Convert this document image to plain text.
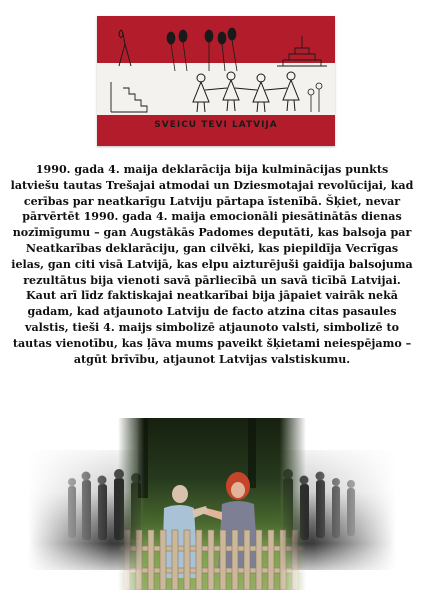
SVEICU TEVI LATVIJA

1990. gada 4. maija deklarācija bija kulminācijas punkts latviešu tautas Trešajai atmodai un Dziesmotajai revolūcijai, kad cerības par neatkarīgu Latviju pārtapa īstenībā. Šķiet, nevar pārvērtēt 1990. gada 4. maija emocionāli piesātinātās dienas nozīmīgumu – gan Augstākās Padomes deputāti, kas balsoja par Neatkarības deklarāciju, gan cilvēki, kas piepildīja Vecrīgas ielas, gan citi visā Latvijā, kas elpu aizturējuši gaidīja balsojuma rezultātus bija vienoti savā pārliecībā un savā ticībā Latvijai. Kaut arī līdz faktiskajai neatkarībai bija jāpaiet vairāk nekā gadam, kad atjaunoto Latviju de facto atzina citas pasaules valstis, tieši 4. maijs simbolizē atjaunoto valsti, simbolizē to tautas vienotību, kas ļāva mums paveikt šķietami neiespējamo – atgūt brīvību, atjaunot Latvijas valstiskumu.
